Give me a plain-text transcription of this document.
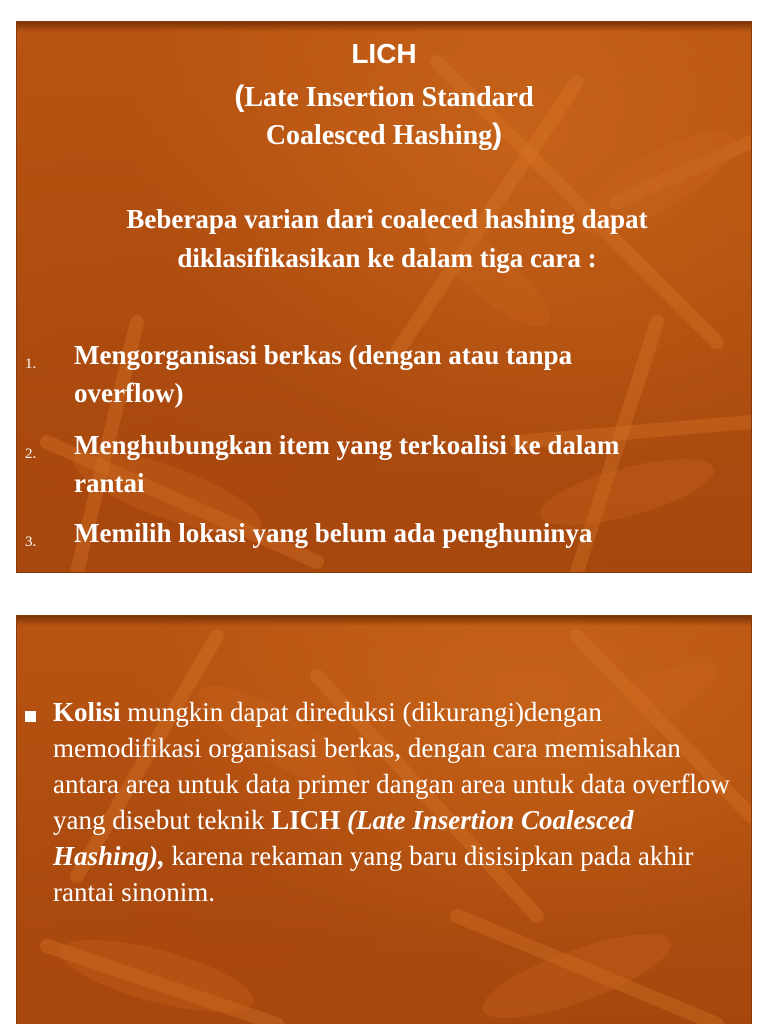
LICH
(Late Insertion Standard
Coalesced Hashing)
Beberapa varian dari coaleced hashing dapat
diklasifikasikan ke dalam tiga cara :
1. Mengorganisasi berkas (dengan atau tanpa
overflow)
2. Menghubungkan item yang terkoalisi ke dalam
rantai
3. Memilih lokasi yang belum ada penghuninya
Kolisi mungkin dapat direduksi (dikurangi)dengan memodifikasi organisasi berkas, dengan cara memisahkan antara area untuk data primer dangan area untuk data overflow yang disebut teknik LICH (Late Insertion Coalesced Hashing), karena rekaman yang baru disisipkan pada akhir rantai sinonim.
